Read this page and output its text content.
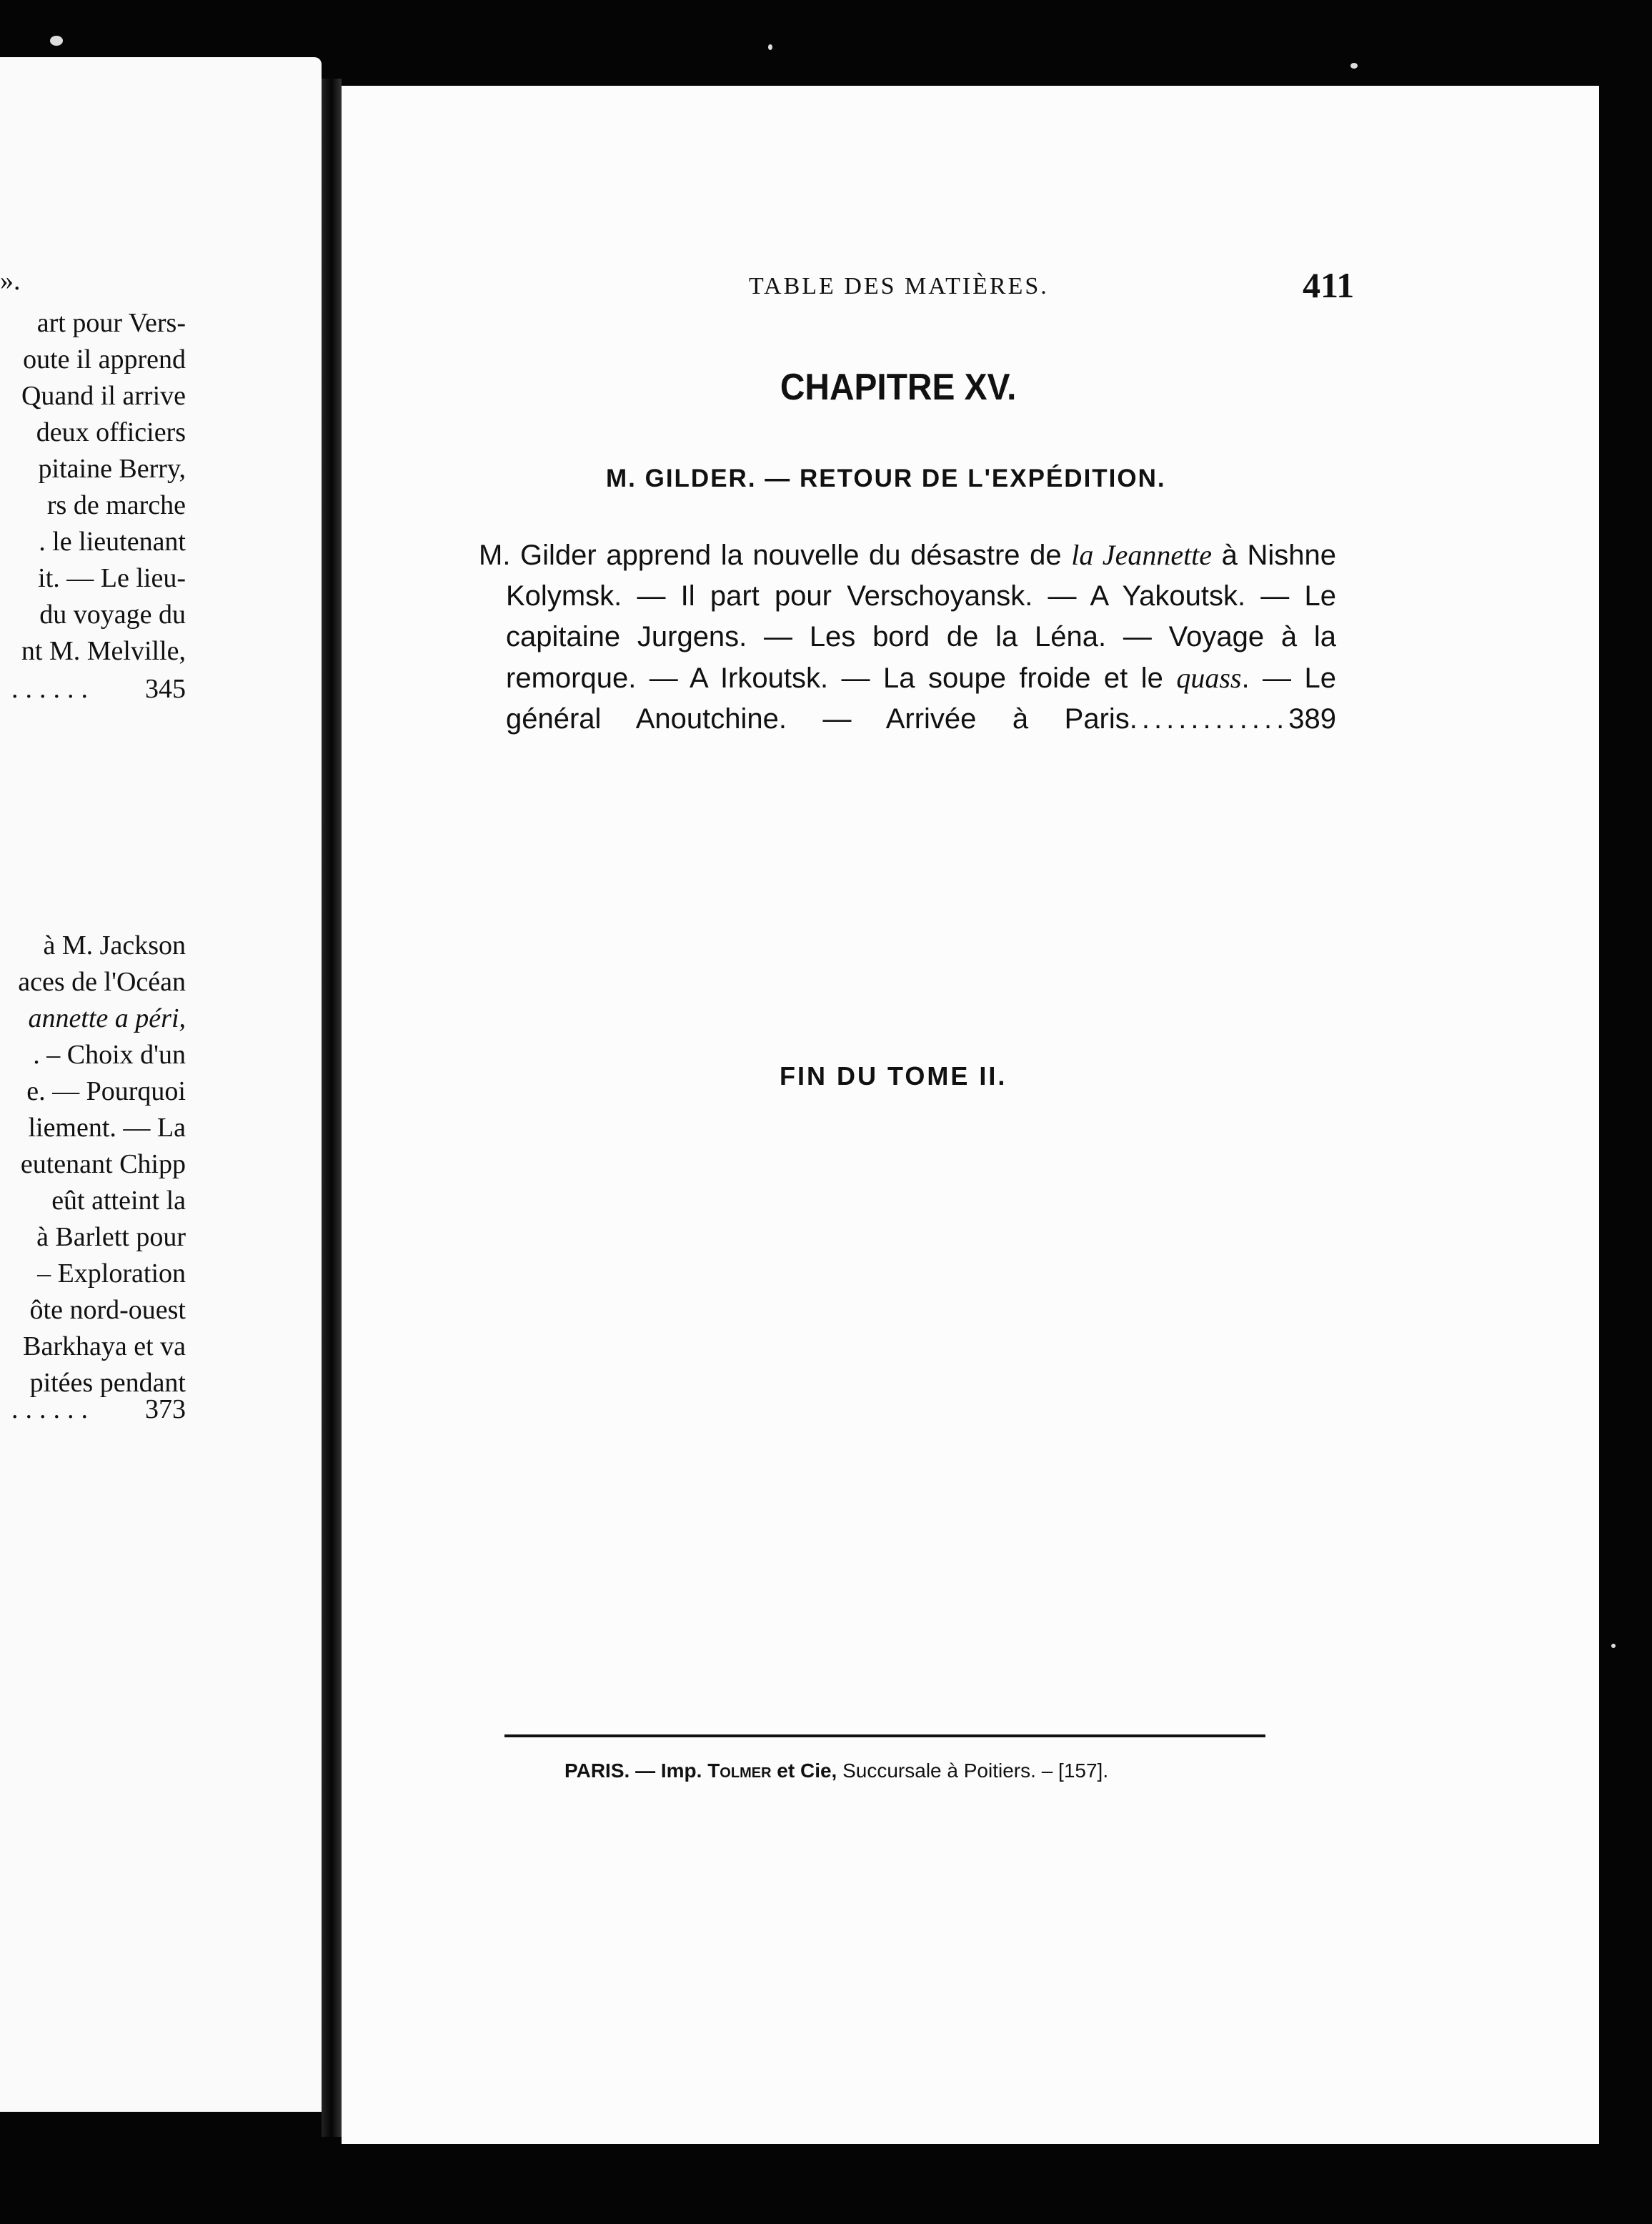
».
art pour Vers-
oute il apprend
Quand il arrive
deux officiers
pitaine Berry,
rs de marche
. le lieutenant
it. — Le lieu-
du voyage du
nt M. Melville,
...... 345
à M. Jackson
aces de l'Océan
annette a péri,
. – Choix d'un
e. — Pourquoi
liement. — La
eutenant Chipp
eût atteint la
à Barlett pour
– Exploration
ôte nord-ouest
Barkhaya et va
pitées pendant
...... 373
TABLE DES MATIÈRES.	411
CHAPITRE XV.
M. GILDER. — RETOUR DE L'EXPÉDITION.
M. Gilder apprend la nouvelle du désastre de la Jeannette à Nishne
Kolymsk. — Il part pour Verschoyansk. — A Yakoutsk. — Le
capitaine Jurgens. — Les bord de la Léna. — Voyage à la
remorque. — A Irkoutsk. — La soupe froide et le quass. — Le
général Anoutchine. — Arrivée à Paris.............389
FIN DU TOME II.
PARIS. — Imp. Tolmer et Cie, Succursale à Poitiers. – [157].
